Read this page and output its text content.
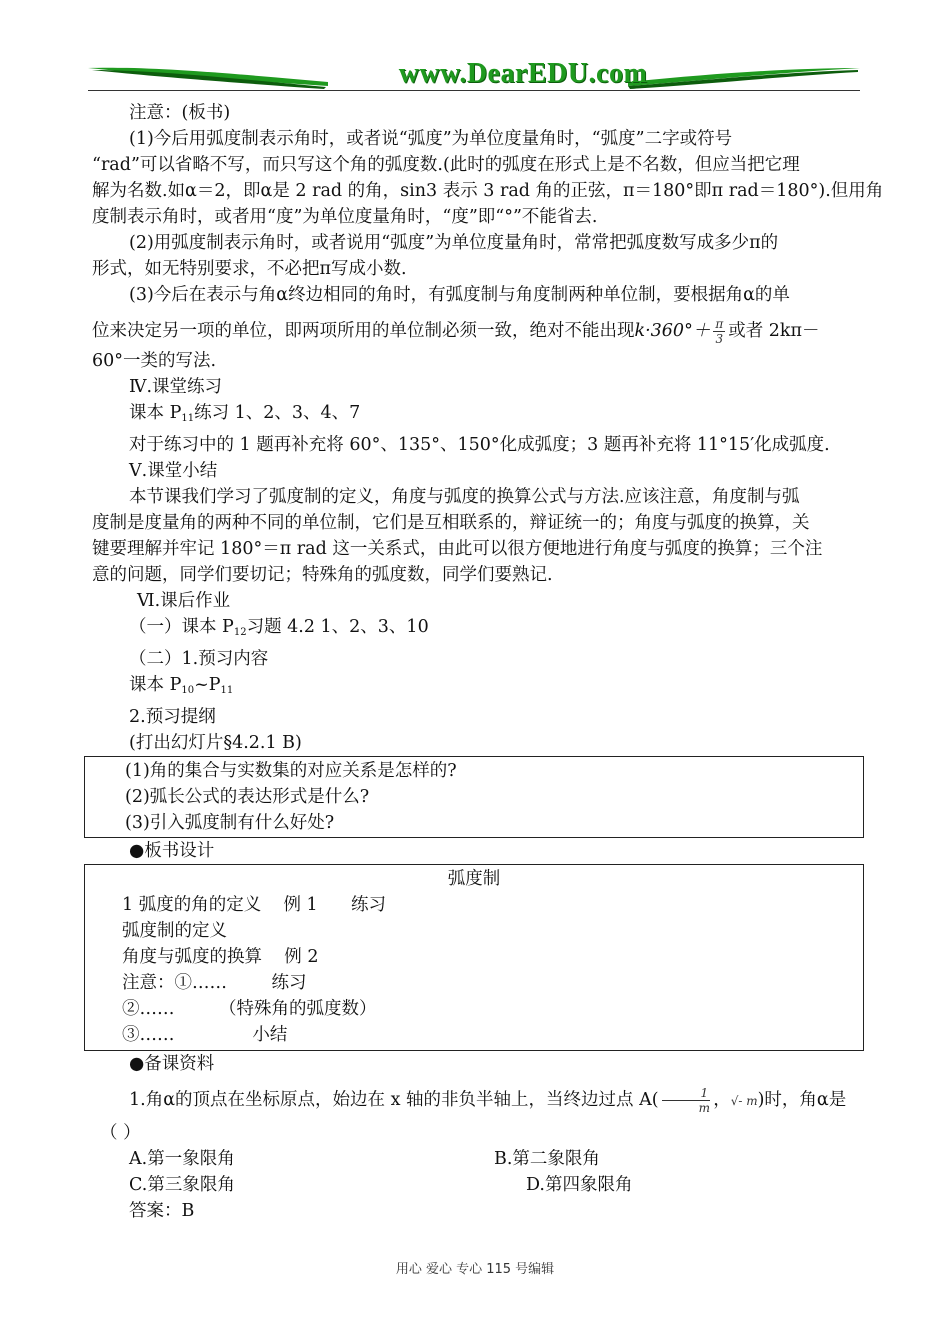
www.DearEDU.com
注意：(板书)
(1)今后用弧度制表示角时，或者说“弧度”为单位度量角时，“弧度”二字或符号
“rad”可以省略不写，而只写这个角的弧度数.(此时的弧度在形式上是不名数，但应当把它理
解为名数.如α＝2，即α是 2 rad 的角，sin3 表示 3 rad 角的正弦，π＝180°即π rad＝180°).但用角
度制表示角时，或者用“度”为单位度量角时，“度”即“°”不能省去.
(2)用弧度制表示角时，或者说用“弧度”为单位度量角时，常常把弧度数写成多少π的
形式，如无特别要求，不必把π写成小数.
(3)今后在表示与角α终边相同的角时，有弧度制与角度制两种单位制，要根据角α的单
位来决定另一项的单位，即两项所用的单位制必须一致，绝对不能出现$k\cdot 360^\circ+ \frac{\pi}{3}$ 或者 2kπ－
60°一类的写法.
Ⅳ.课堂练习
课本 $P_{11}$练习 1、2、3、4、7
对于练习中的 1 题再补充将 60°、135°、150°化成弧度；3 题再补充将 11°15′化成弧度.
Ⅴ.课堂小结
本节课我们学习了弧度制的定义，角度与弧度的换算公式与方法.应该注意，角度制与弧
度制是度量角的两种不同的单位制，它们是互相联系的，辩证统一的；角度与弧度的换算，关
键要理解并牢记 180°＝π rad 这一关系式，由此可以很方便地进行角度与弧度的换算；三个注
意的问题，同学们要切记；特殊角的弧度数，同学们要熟记.
Ⅵ.课后作业
（一）课本 $P_{12}$习题 4.2 1、2、3、10
（二）1.预习内容
课本 $P_{10}\sim P_{11}$
2.预习提纲
(打出幻灯片§4.2.1 B)
(1)角的集合与实数集的对应关系是怎样的?
(2)弧长公式的表达形式是什么?
(3)引入弧度制有什么好处?
●板书设计
弧度制
1 弧度的角的定义    例 1      练习
弧度制的定义
角度与弧度的换算    例 2
注意：①……        练习
②……        （特殊角的弧度数）
③……              小结
●备课资料
1.角α的顶点在坐标原点，始边在 x 轴的非负半轴上，当终边过点 $A( \frac{1}{m}$ ，√- m)时，角α是
（ ）
A.第一象限角	B.第二象限角
C.第三象限角	D.第四象限角
答案：B
用心 爱心 专心 115 号编辑
